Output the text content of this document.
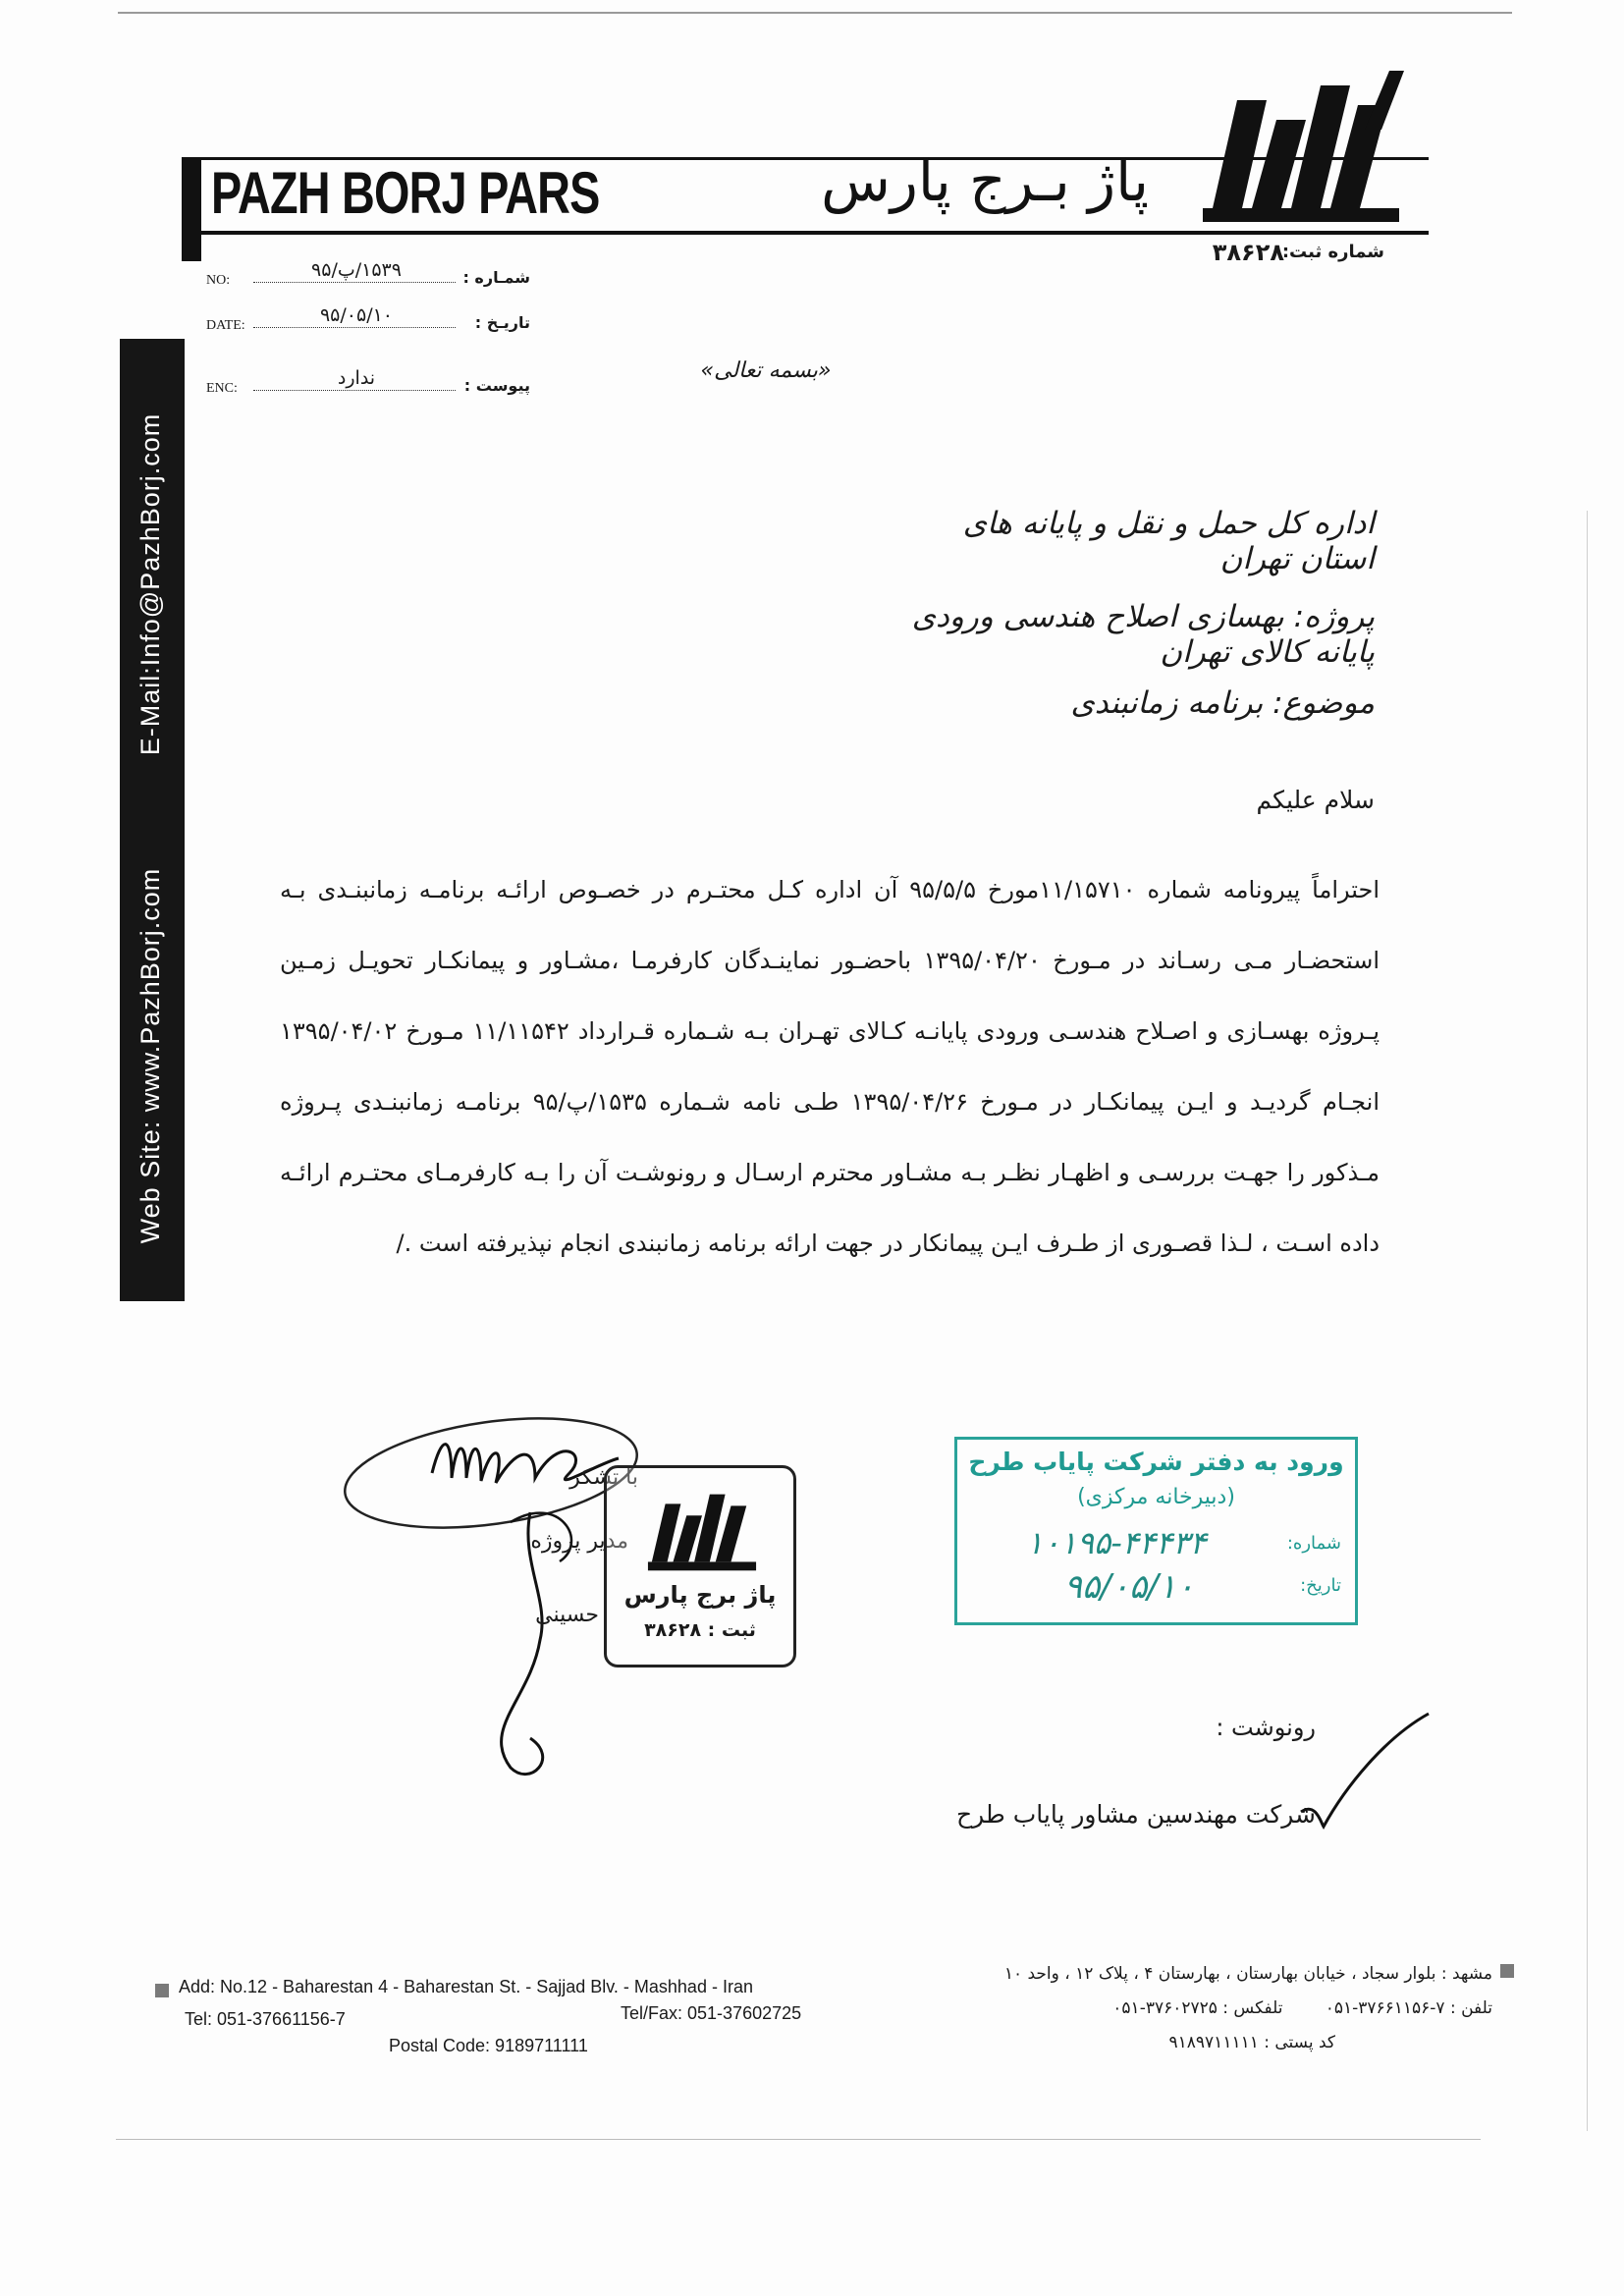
PAZH BORJ PARS	پاژ بـرج پارس
شماره ثبت:
۳۸۶۲۸
NO:	۱۵۳۹/پ/۹۵	شمـاره :
DATE:	۹۵/۰۵/۱۰	تاریـخ :
ENC:	ندارد	پیوست :
«بسمه تعالی»
E-Mail:Info@PazhBorj.com
Web Site: www.PazhBorj.com
اداره کل حمل و نقل و پایانه های استان تهران
پروژه: بهسازی اصلاح هندسی ورودی پایانه کالای تهران
موضوع: برنامه زمانبندی
سلام علیکم
احتراماً پیرونامه شماره ۱۱/۱۵۷۱۰مورخ ۹۵/۵/۵ آن اداره کـل محتـرم در خصـوص ارائـه برنامـه زمانبنـدی بـه استحضـار مـی رسـاند در مـورخ ۱۳۹۵/۰۴/۲۰ باحضـور نماینـدگان کارفرمـا ،مشـاور و پیمانکـار تحویـل زمـین پـروژه بهسـازی و اصـلاح هندسـی ورودی پایانـه کـالای تهـران بـه شـماره قـرارداد ۱۱/۱۱۵۴۲ مـورخ ۱۳۹۵/۰۴/۰۲ انجـام گردیـد و ایـن پیمانکـار در مـورخ ۱۳۹۵/۰۴/۲۶ طـی نامه شـماره ۱۵۳۵/پ/۹۵ برنامـه زمانبنـدی پـروژه مـذکور را جهـت بررسـی و اظهـار نظـر بـه مشـاور محترم ارسـال و رونوشـت آن را بـه کارفرمـای محتـرم ارائـه داده اسـت ، لـذا قصـوری از طـرف ایـن پیمانکار در جهت ارائه برنامه زمانبندی انجام نپذیرفته است ./
با تشکر
مدیر پروژه
حسینی
پاژ برج پارس
ثبت : ۳۸۶۲۸
ورود به دفتر شرکت پایاب طرح
(دبیرخانه مرکزی)
شماره:
۱۰۱۹۵-۴۴۴۳۴
تاریخ:
۹۵/۰۵/۱۰
رونوشت :
شرکت مهندسین مشاور پایاب طرح
Add: No.12 - Baharestan 4 - Baharestan St. - Sajjad Blv. - Mashhad - Iran
Tel: 051-37661156-7	Tel/Fax: 051-37602725
Postal Code: 9189711111
مشهد : بلوار سجاد ، خیابان بهارستان ، بهارستان ۴ ، پلاک ۱۲ ، واحد ۱۰
تلفن : ۷-۳۷۶۶۱۱۵۶-۰۵۱        تلفکس : ۳۷۶۰۲۷۲۵-۰۵۱
کد پستی : ۹۱۸۹۷۱۱۱۱۱
